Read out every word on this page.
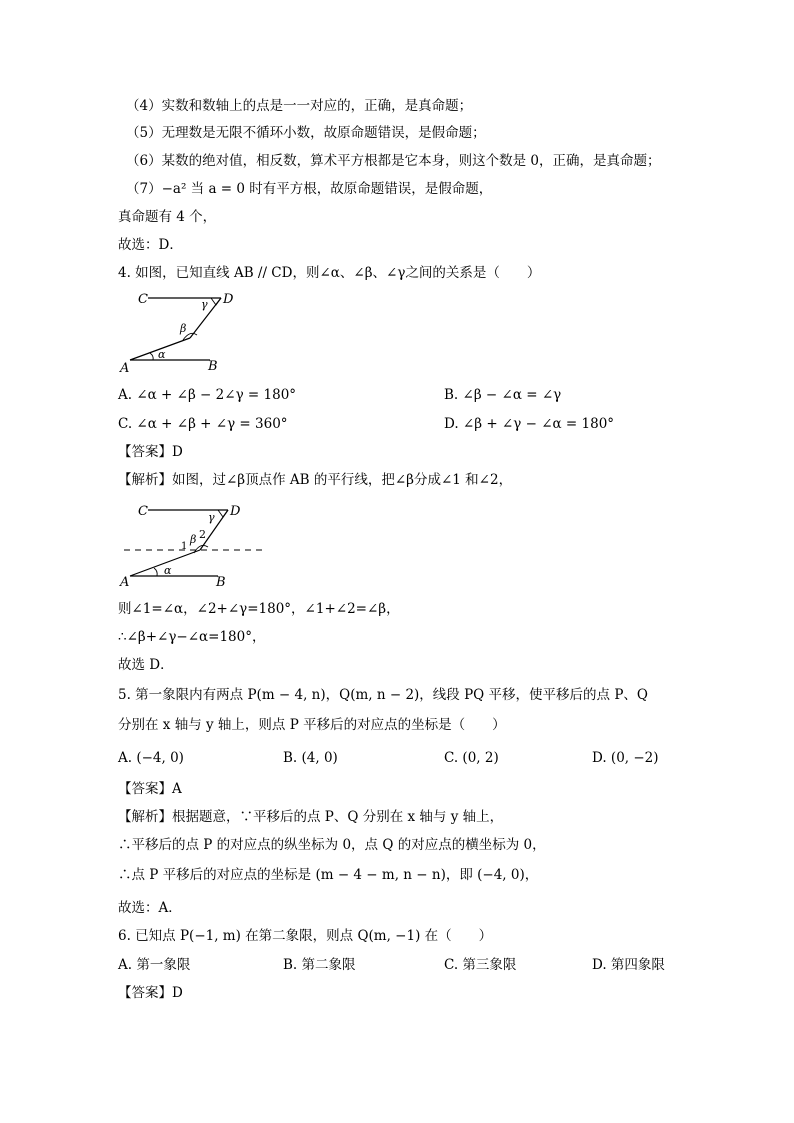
（4）实数和数轴上的点是一一对应的，正确，是真命题；
（5）无理数是无限不循环小数，故原命题错误，是假命题；
（6）某数的绝对值，相反数，算术平方根都是它本身，则这个数是 0，正确，是真命题；
（7）−a² 当 a = 0 时有平方根，故原命题错误，是假命题，
真命题有 4 个，
故选：D．
4. 如图，已知直线 AB // CD，则∠α、∠β、∠γ之间的关系是（　　）
C	D
A	B
γ
β
α
A. ∠α + ∠β − 2∠γ = 180°	B. ∠β − ∠α = ∠γ
C. ∠α + ∠β + ∠γ = 360°	D. ∠β + ∠γ − ∠α = 180°
【答案】D
【解析】如图，过∠β顶点作 AB 的平行线，把∠β分成∠1 和∠2，
C	D
A	B
γ
β 2
1
α
则∠1=∠α，∠2+∠γ=180°，∠1+∠2=∠β，
∴∠β+∠γ−∠α=180°，
故选 D．
5. 第一象限内有两点 P(m − 4, n)，Q(m, n − 2)，线段 PQ 平移，使平移后的点 P、Q
分别在 x 轴与 y 轴上，则点 P 平移后的对应点的坐标是（　　）
A. (−4, 0)	B. (4, 0)	C. (0, 2)	D. (0, −2)
【答案】A
【解析】根据题意，∵平移后的点 P、Q 分别在 x 轴与 y 轴上，
∴平移后的点 P 的对应点的纵坐标为 0，点 Q 的对应点的横坐标为 0，
∴点 P 平移后的对应点的坐标是 (m − 4 − m, n − n)，即 (−4, 0)，
故选：A．
6. 已知点 P(−1, m) 在第二象限，则点 Q(m, −1) 在（　　）
A. 第一象限	B. 第二象限	C. 第三象限	D. 第四象限
【答案】D
